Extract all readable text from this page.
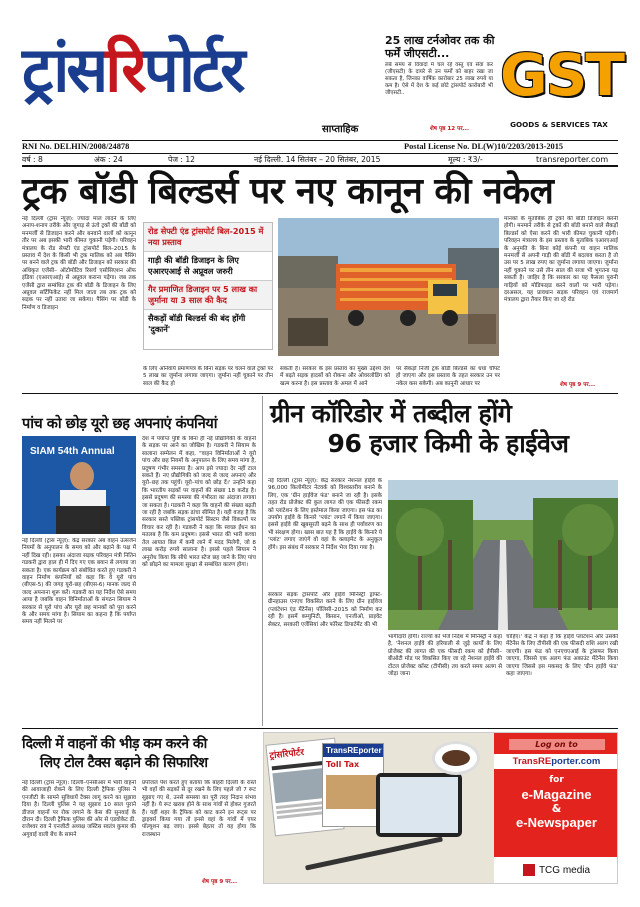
ट्रांसरिपोर्टर
साप्ताहिक
25 लाख टर्नओवर तक की फर्में जीएसटी...
लंबे समय से विवादों में चल रहे वस्तु एवं सेवा कर (जीएसटी) के दायरे से उन फर्मों को बाहर रखा जा सकता है, जिनका वार्षिक कारोबार 25 लाख रुपये या कम है। ऐसे में देश के कई छोटे ट्रांसपोर्ट कारोबारी भी जीएसटी..
शेष पृष्ठ 12 पर...
GST
GOODS & SERVICES TAX
RNI No. DELHIN/2008/24878	Postal License No. DL(W)10/2203/2013-2015
वर्ष : 8	अंक : 24	पेज : 12	नई दिल्ली. 14 सितंबर – 20 सितंबर, 2015	मूल्य : ₹3/-	transreporter.com
ट्रक बॉडी बिल्डर्स पर नए कानून की नकेल
नई दिल्ली (ट्रांस न्यूज़): ज्यादा माल लादने के लिए अनाप-शनाप तरीके और जुगाड़ से ऊंचे ट्रकों की बॉडी को मनमर्जी से डिजाइन करने और बनवाने वालों को कानून तौर पर अब इसकी भारी कीमत चुकानी पड़ेगी। परिवहन मंत्रालय के रोड सेफ्टी एंड ट्रांसपोर्ट बिल–2015 के प्रस्ताव में देश के किसी भी ट्रक मालिक को अब पैसिंग पर बनने वाले ट्रक की बॉडी और डिजाइन को सरकार की अधिकृत एजेंसी– ऑटोमोटिव रिसर्च एसोसिएशन ऑफ इंडिया (एआरएआई) से अप्रूवल कराना पड़ेगा। जब तक एजेंसी द्वारा सम्बंधित ट्रक की बॉडी के डिजाइन के लिए अप्रूवल सर्टिफिकेट नहीं मिल जाता तब तक ट्रक को सड़क पर नहीं उतारा जा सकेगा। पैसिंग पर बॉडी के निर्माण व डिजाइन
रोड सेफ्टी एंड ट्रांसपोर्ट बिल-2015 में नया प्रस्ताव
गाड़ी की बॉडी डिजाइन के लिए एआरएआई से अप्रूवल जरुरी
गैर प्रमाणित डिजाइन पर 5 लाख का जुर्माना या 3 साल की कैद
सैकड़ों बॉडी बिल्डर्स की बंद होंगी 'दुकानें'
मानकों के मुताबिक ही ट्रकों की बॉडी डिजाइन करनी होगी। मनमाने तरीके से ट्रकों की बॉडी बनाने वाले सैकड़ों बिल्डर्स को ऐसा करने की भारी कीमत चुकानी पड़ेगी। परिवहन मंत्रालय के इस प्रस्ताव के मुताबिक एआरएआई के अनुमति के बिना कोई कंपनी या वाहन मालिक मनमर्जी से अपनी गाड़ी की बॉडी में बदलाव करता है तो उस पर 5 लाख रुपए का जुर्माना लगाया जाएगा। जुर्माना नहीं चुकाने पर उसे तीन साल की सजा भी भुगतना पड़ सकती है। जाहिर है कि सरकार का यह फैसला पुरानी गाड़ियों को मोडिफाइड करने वालों पर भारी पड़ेगा। दरअसल, यह प्रावधान सड़क परिवहन एवं राजमार्ग मंत्रालय द्वारा तैयार किए जा रहे रोड
शेष पृष्ठ 9 पर...
के लिए अनिवार्य प्रमाणपत्र के बिना सड़क पर चलने वाले ट्रकों पर 5 लाख का जुर्माना लगाया जाएगा। जुर्माना नहीं चुकाने पर तीन साल की कैद हो
सकती है। सरकार के इस प्रस्ताव का मुख्य उद्देश्य देश में बढ़ते सड़क हादसों को रोकना और ओवरलोडिंग को खत्म करना है। इस प्रस्ताव के अमल में आने
पर सैकड़ों निजी ट्रक बॉडी बिल्डर्स का धंधा चौपट हो जाएगा और इस प्रस्ताव के तहत सरकार उन पर नकेल कस सकेगी। अब कानूनी आधार पर
पांच को छोड़ यूरो छह अपनाएं कंपनियां
SIAM 54th Annual
नई दिल्ली (ट्रांस न्यूज़): केंद्र सरकार अब वाहन उत्सर्जन नियमों के अनुपालन के समय को और बढ़ाने के पक्ष में नहीं दिख रही। इसका अंदाजा सड़क परिवहन मंत्री नितिन गडकरी द्वारा हाल ही में दिए गए एक बयान से लगाया जा सकता है। एक कार्यक्रम को संबोधित करते हुए गडकरी ने वाहन निर्माण कंपनियों को कहा कि वे यूरो पांच (बीएस-5) की जगह यूरो-छह (बीएस-6) मानक जल्द से जल्द अपनाना शुरू करें। गडकरी का यह निर्देश ऐसे समय आया है जबकि वाहन विनिर्माताओं के संगठन सियाम ने सरकार से यूरो पांच और यूरो छह मानकों को पूरा करने के और समय मांगा है। सियाम का कहना है कि पर्याप्त समय नहीं मिलने पर
देश में पर्याप्त पुष्टि के बिना ही नई प्रौद्योगिकी के वाहनों के सड़क पर आने का जोखिम है। गडकरी ने सियाम के सालाना सम्मेलन में कहा, "वाहन विनिर्माताओं ने यूरो पांच और छह नियमों के अनुपालन के लिए समय मांगा है, प्रदूषण गंभीर समस्या है। आप इसे ज्यादा देर नहीं टाल सकते हैं। नए प्रौद्योगिकी को जल्द से जल्द अपनाएं और यूरो–छह तक पहुंचें। यूरो–पांच को छोड़ दें।' उन्होंने कहा कि भारतीय सड़कों पर वाहनों की संख्या 18 करोड़ है। इससे प्रदूषण की समस्या की गंभीरता का अंदाजा लगाया जा सकता है। गडकरी ने कहा कि वाहनों की संख्या बढ़ती जा रही है जबकि सड़क ढांचा सीमित है। यही वजह है कि सरकार सस्ते पब्लिक ट्रांसपोर्ट सिस्टम जैसे विकल्पों पर विचार कर रही है। गडकरी ने कहा कि स्वच्छ ईंधन का मतलब है कि कम प्रदूषण। इससे भारत की भारी कच्चा तेल आयात बिल में कमी लाने में मदद मिलेगी, जो 8 लाख करोड़ रुपये सालाना है। इससे पहले सियाम ने अनुरोध किया कि सीधे भारत स्टेज छह जाने के लिए पांच को छोड़ने का मामला सुरक्षा से सम्बंधित कारण होगा।
ग्रीन कॉरिडोर में तब्दील होंगे
96 हजार किमी के हाईवेज
नई दिल्ली (ट्रांस न्यूज़): केंद्र सरकार नेशनल हाईवे के 96,000 किलोमीटर नेटवर्क को विश्वस्तरीय बनाने के लिए, एक 'ग्रीन हाईवेज फंड' बनाने जा रही है। इसके तहत रोड प्रोजेक्ट की कुल लागत की एक फीसदी रकम को प्लांटेशन के लिए इस्तेमाल किया जाएगा। इस फंड का उपयोग हाईवे के किनारे 'प्लांट' लगाने में किया जाएगा। इससे हाईवे की खूबसूरती बढ़ने के साथ ही पर्यावरण का भी संरक्षण होगा। खास बात यह है कि हाईवे के किनारे ये 'प्लांट' लगाए जाएंगे वो वहां के क्लाइमेट के अनुकूल होंगे। इस संबंध में सरकार ने निर्देश भेज दिया गया है।
सरकार सड़क ट्रांसपोर्ट और हाईवे मिनिस्ट्री ड्राफ्ट-ग्रीनहाउस एनएच विकसित करने के लिए ग्रीन हाईवेज (प्लांटेशन एंड मेंटेनेंस) पॉलिसी–2015 को निर्माण कर रही है। इसमें कम्युनिटी, किसान, एनजीओ, प्राइवेट सेक्टर, सरकारी एजेंसियां और फॉरेस्ट डिपार्टमेंट की भी
भागीदारी होगी। राज्यों को भेजे निर्देश में मिनिस्ट्री ने कहा है, 'नेशनल हाईवे की हरियाली से जुड़े कार्यों के लिए प्रोजेक्ट की लागत की एक फीसदी रकम को ईपीसी–बीओटी मोड पर विकसित किए जा रहे नेशनल हाईवे की टोटल प्रोजेक्ट कॉस्ट (टीपीसी) तय करते समय अलग से जोड़ा जाना
चाहिए।' केंद्र ने कहा है कि हाईवे प्लांटेशन और उसकी मेंटेनेंस के लिए टीपीसी की एक फीसदी राशि अलग रखी जाएगी। इस फंड को एनएचएआई के ट्रांसफर किया जाएगा, जिससे एक अलग फंड अकाउंट मेंटेनेंस किया जाएगा जिससे इस मकसद के लिए 'ग्रीन हाईवे फंड' कहा जाएगा।
दिल्ली में वाहनों की भीड़ कम करने की
लिए टोल टैक्स बढ़ाने की सिफारिश
नई दिल्ली (ट्रांस न्यूज़): दिल्ली–एनसीआर में भारी वाहनों की आवाजाही रोकने के लिए दिल्ली ट्रैफिक पुलिस ने एनजीटी के सामने सुविधायें टैक्स लागू करने का सुझाव दिया है। दिल्ली पुलिस ने यह सुझाव 10 साल पुराने डीजल वाहनों पर रोक लगाने के केस की सुनवाई के दौरान दी। दिल्ली ट्रैफिक पुलिस की ओर से एडवोकेट डी. राजेश्वर राव ने एनजीटी अध्यक्ष जस्टिस स्वतंत्र कुमार की अगुवाई वाली बेंच के सामने
प्रपोजल पेश करते हुए बताया कि बाहरी दिल्ली के रास्ते भी वहाँ की सड़कों से दूर रखने के लिए पहले जो 7 रूट सुझाए गए थे, उनसे समस्या का पूरी तरह निदान संभव नहीं है। ये रूट खराब होने के साथ गांवों से होकर गुजरते हैं। यहीं शहर के ट्रैफिक को काट करने इन रूट्स पर ड्राइवर्स किया गया तो इनसे वहां के गांवों में एयर पॉल्यूशन बढ़ जाए। इससे बेहतर तो यह होगा कि राजस्थान
शेष पृष्ठ 9 पर...
ट्रांसरिपोर्टर	TransREporter
Toll Tax
Log on to
TransREporter.com
for
e-Magazine
&
e-Newspaper
TCG media
